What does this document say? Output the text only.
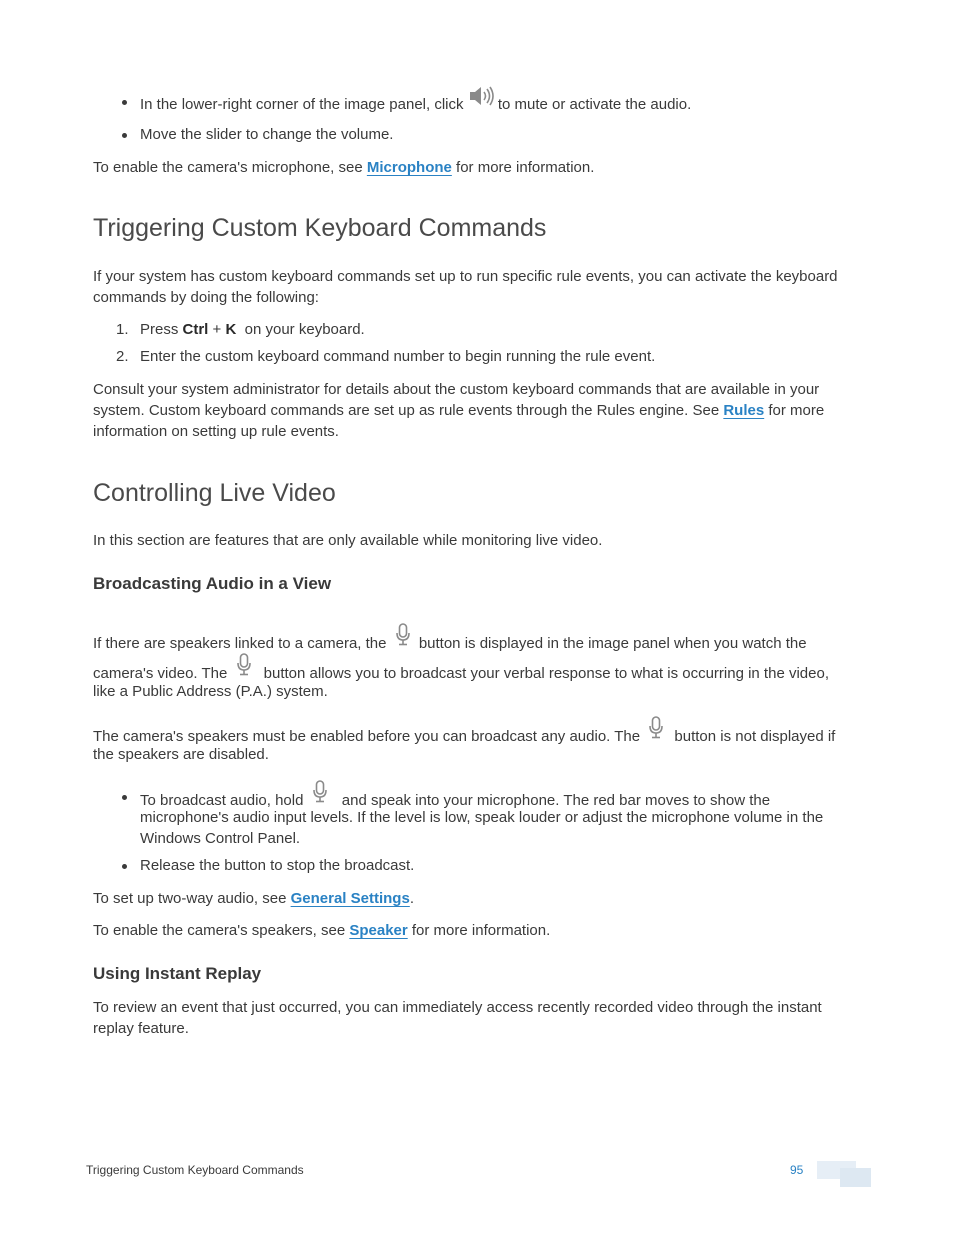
In the lower-right corner of the image panel, click  to mute or activate the audio.

Move the slider to change the volume.

To enable the camera's microphone, see Microphone for more information.

Triggering Custom Keyboard Commands

If your system has custom keyboard commands set up to run specific rule events, you can activate the keyboard

commands by doing the following:

1. Press Ctrl + K  on your keyboard.

2. Enter the custom keyboard command number to begin running the rule event.

Consult your system administrator for details about the custom keyboard commands that are available in your

system. Custom keyboard commands are set up as rule events through the Rules engine. See Rules for more

information on setting up rule events.

Controlling Live Video

In this section are features that are only available while monitoring live video.

Broadcasting Audio in a View

If there are speakers linked to a camera, the  button is displayed in the image panel when you watch the

camera's video. The  button allows you to broadcast your verbal response to what is occurring in the video,

like a Public Address (P.A.) system.

The camera's speakers must be enabled before you can broadcast any audio. The  button is not displayed if

the speakers are disabled.

To broadcast audio, hold  and speak into your microphone. The red bar moves to show the

microphone's audio input levels. If the level is low, speak louder or adjust the microphone volume in the

Windows Control Panel.

Release the button to stop the broadcast.

To set up two-way audio, see General Settings.

To enable the camera's speakers, see Speaker for more information.

Using Instant Replay

To review an event that just occurred, you can immediately access recently recorded video through the instant

replay feature.

Triggering Custom Keyboard Commands	95
